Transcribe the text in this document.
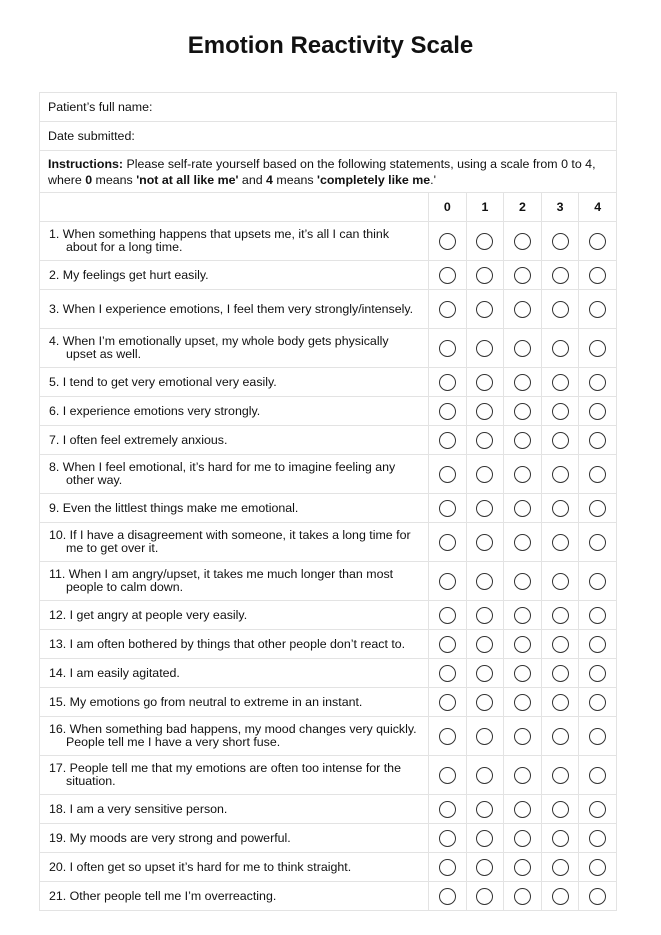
Emotion Reactivity Scale
Patient’s full name:					
Date submitted:					
Instructions: Please self-rate yourself based on the following statements, using a scale from 0 to 4, where 0 means 'not at all like me' and 4 means 'completely like me.'					
	0	1	2	3	4

1. When something happens that upsets me, it’s all I can think about for a long time.					

2. My feelings get hurt easily.					

3. When I experience emotions, I feel them very strongly/intensely.					

4. When I’m emotionally upset, my whole body gets physically upset as well.					

5. I tend to get very emotional very easily.					

6. I experience emotions very strongly.					

7. I often feel extremely anxious.					

8. When I feel emotional, it’s hard for me to imagine feeling any other way.					

9. Even the littlest things make me emotional.					

10. If I have a disagreement with someone, it takes a long time for me to get over it.					

11. When I am angry/upset, it takes me much longer than most people to calm down.					

12. I get angry at people very easily.					

13. I am often bothered by things that other people don’t react to.					

14. I am easily agitated.					

15. My emotions go from neutral to extreme in an instant.					

16. When something bad happens, my mood changes very quickly. People tell me I have a very short fuse.					

17. People tell me that my emotions are often too intense for the situation.					

18. I am a very sensitive person.					

19. My moods are very strong and powerful.					

20. I often get so upset it’s hard for me to think straight.					

21. Other people tell me I’m overreacting.					
